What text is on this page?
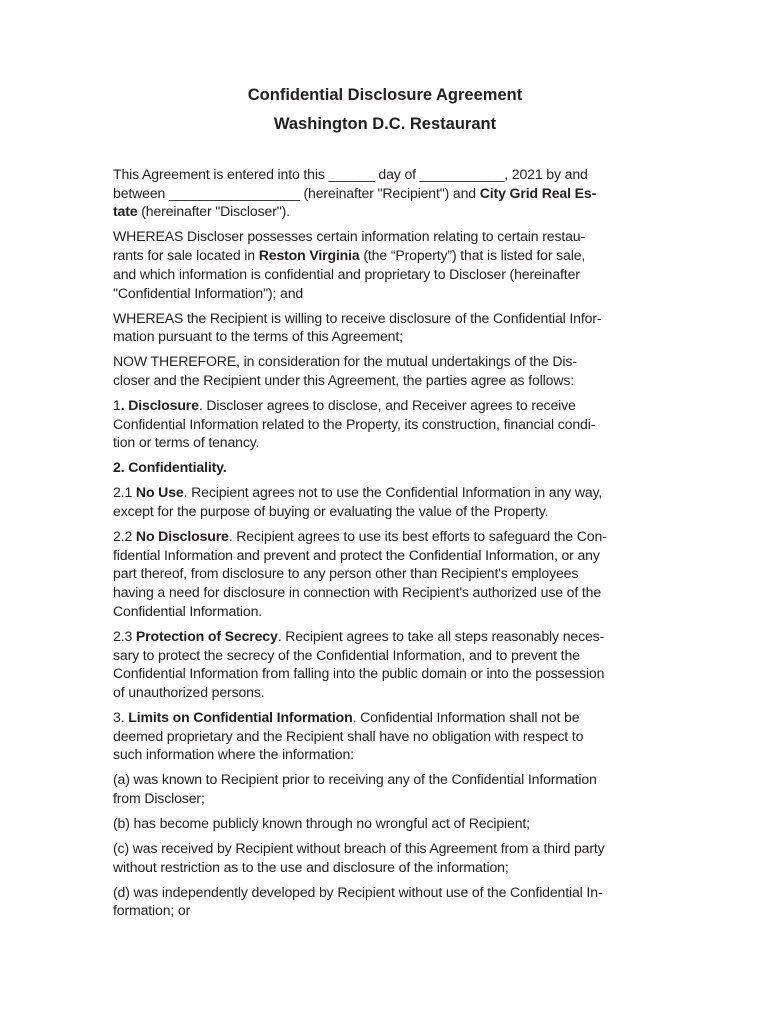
Confidential Disclosure Agreement
Washington D.C. Restaurant

This Agreement is entered into this ______ day of ___________, 2021 by and
between _________________ (hereinafter "Recipient") and City Grid Real Es-
tate (hereinafter "Discloser").

WHEREAS Discloser possesses certain information relating to certain restau-
rants for sale located in Reston Virginia (the “Property”) that is listed for sale,
and which information is confidential and proprietary to Discloser (hereinafter
"Confidential Information"); and

WHEREAS the Recipient is willing to receive disclosure of the Confidential Infor-
mation pursuant to the terms of this Agreement;

NOW THEREFORE, in consideration for the mutual undertakings of the Dis-
closer and the Recipient under this Agreement, the parties agree as follows:

1. Disclosure. Discloser agrees to disclose, and Receiver agrees to receive
Confidential Information related to the Property, its construction, financial condi-
tion or terms of tenancy.

2. Confidentiality.

2.1 No Use. Recipient agrees not to use the Confidential Information in any way,
except for the purpose of buying or evaluating the value of the Property.

2.2 No Disclosure. Recipient agrees to use its best efforts to safeguard the Con-
fidential Information and prevent and protect the Confidential Information, or any
part thereof, from disclosure to any person other than Recipient's employees
having a need for disclosure in connection with Recipient's authorized use of the
Confidential Information.

2.3 Protection of Secrecy. Recipient agrees to take all steps reasonably neces-
sary to protect the secrecy of the Confidential Information, and to prevent the
Confidential Information from falling into the public domain or into the possession
of unauthorized persons.

3. Limits on Confidential Information. Confidential Information shall not be
deemed proprietary and the Recipient shall have no obligation with respect to
such information where the information:

(a) was known to Recipient prior to receiving any of the Confidential Information
from Discloser;

(b) has become publicly known through no wrongful act of Recipient;

(c) was received by Recipient without breach of this Agreement from a third party
without restriction as to the use and disclosure of the information;

(d) was independently developed by Recipient without use of the Confidential In-
formation; or
